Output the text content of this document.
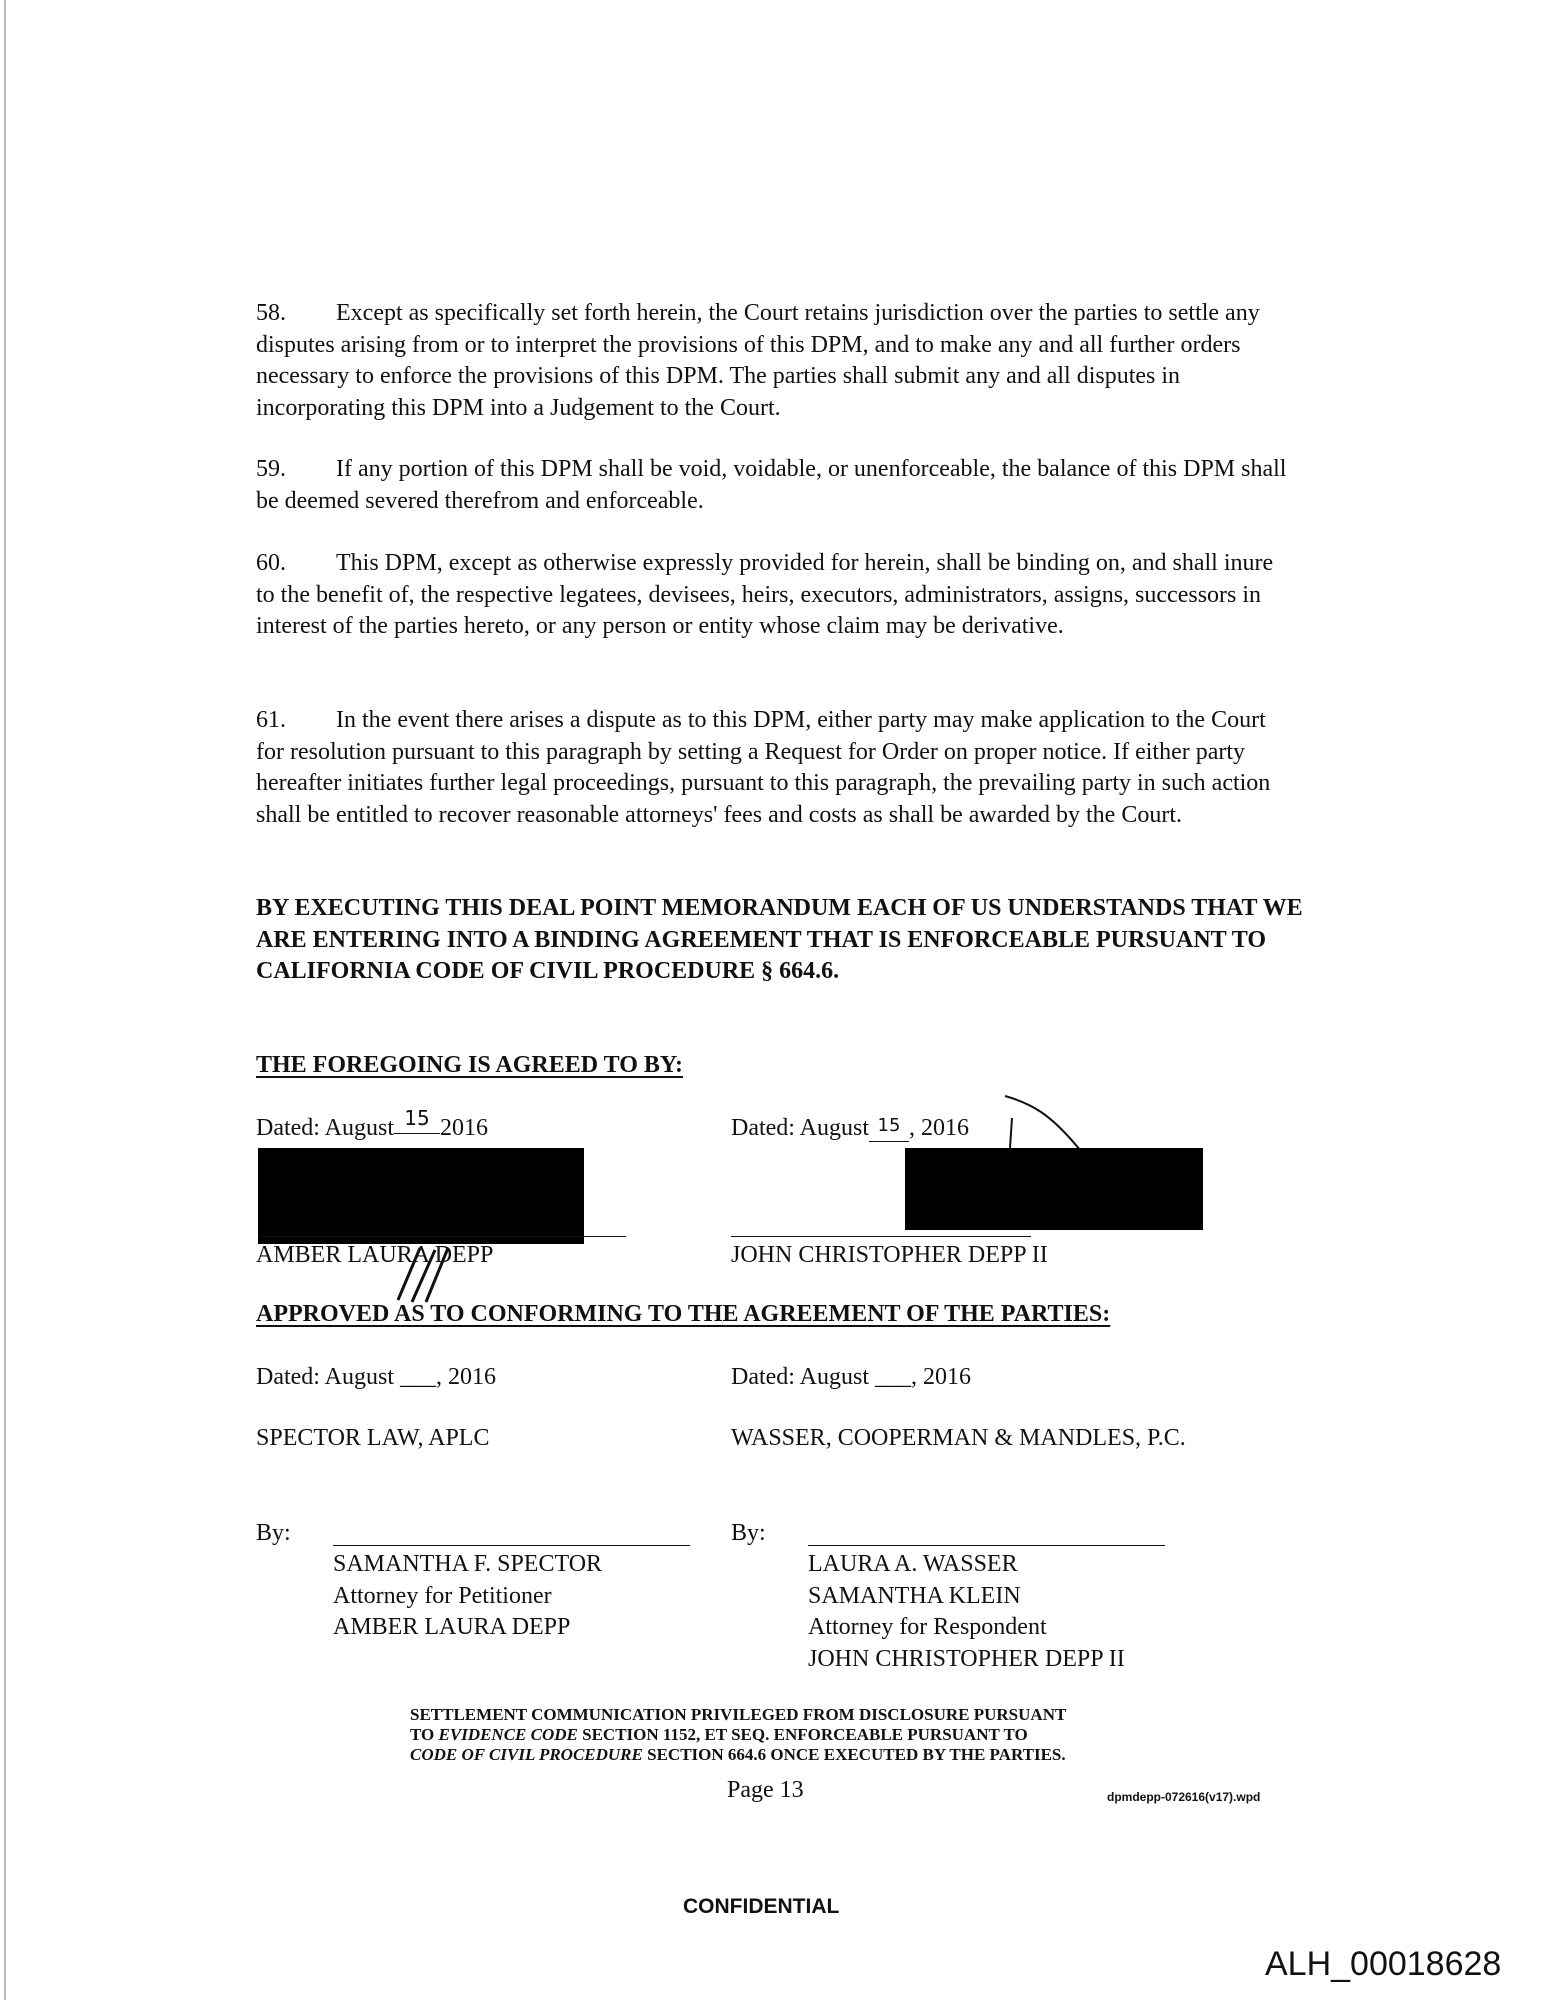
58. Except as specifically set forth herein, the Court retains jurisdiction over the parties to settle any disputes arising from or to interpret the provisions of this DPM, and to make any and all further orders necessary to enforce the provisions of this DPM. The parties shall submit any and all disputes in incorporating this DPM into a Judgement to the Court.
59. If any portion of this DPM shall be void, voidable, or unenforceable, the balance of this DPM shall be deemed severed therefrom and enforceable.
60. This DPM, except as otherwise expressly provided for herein, shall be binding on, and shall inure to the benefit of, the respective legatees, devisees, heirs, executors, administrators, assigns, successors in interest of the parties hereto, or any person or entity whose claim may be derivative.
61. In the event there arises a dispute as to this DPM, either party may make application to the Court for resolution pursuant to this paragraph by setting a Request for Order on proper notice. If either party hereafter initiates further legal proceedings, pursuant to this paragraph, the prevailing party in such action shall be entitled to recover reasonable attorneys' fees and costs as shall be awarded by the Court.
BY EXECUTING THIS DEAL POINT MEMORANDUM EACH OF US UNDERSTANDS THAT WE ARE ENTERING INTO A BINDING AGREEMENT THAT IS ENFORCEABLE PURSUANT TO CALIFORNIA CODE OF CIVIL PROCEDURE § 664.6.
THE FOREGOING IS AGREED TO BY:
Dated: August 15 2016	Dated: August 15 , 2016
AMBER LAURA DEPP	JOHN CHRISTOPHER DEPP II
APPROVED AS TO CONFORMING TO THE AGREEMENT OF THE PARTIES:
Dated: August ___, 2016	Dated: August ___, 2016
SPECTOR LAW, APLC	WASSER, COOPERMAN & MANDLES, P.C.
By:	By:
SAMANTHA F. SPECTOR
Attorney for Petitioner
AMBER LAURA DEPP
LAURA A. WASSER
SAMANTHA KLEIN
Attorney for Respondent
JOHN CHRISTOPHER DEPP II
SETTLEMENT COMMUNICATION PRIVILEGED FROM DISCLOSURE PURSUANT
TO EVIDENCE CODE SECTION 1152, ET SEQ. ENFORCEABLE PURSUANT TO
CODE OF CIVIL PROCEDURE SECTION 664.6 ONCE EXECUTED BY THE PARTIES.
Page 13	dpmdepp-072616(v17).wpd
CONFIDENTIAL
ALH_00018628
